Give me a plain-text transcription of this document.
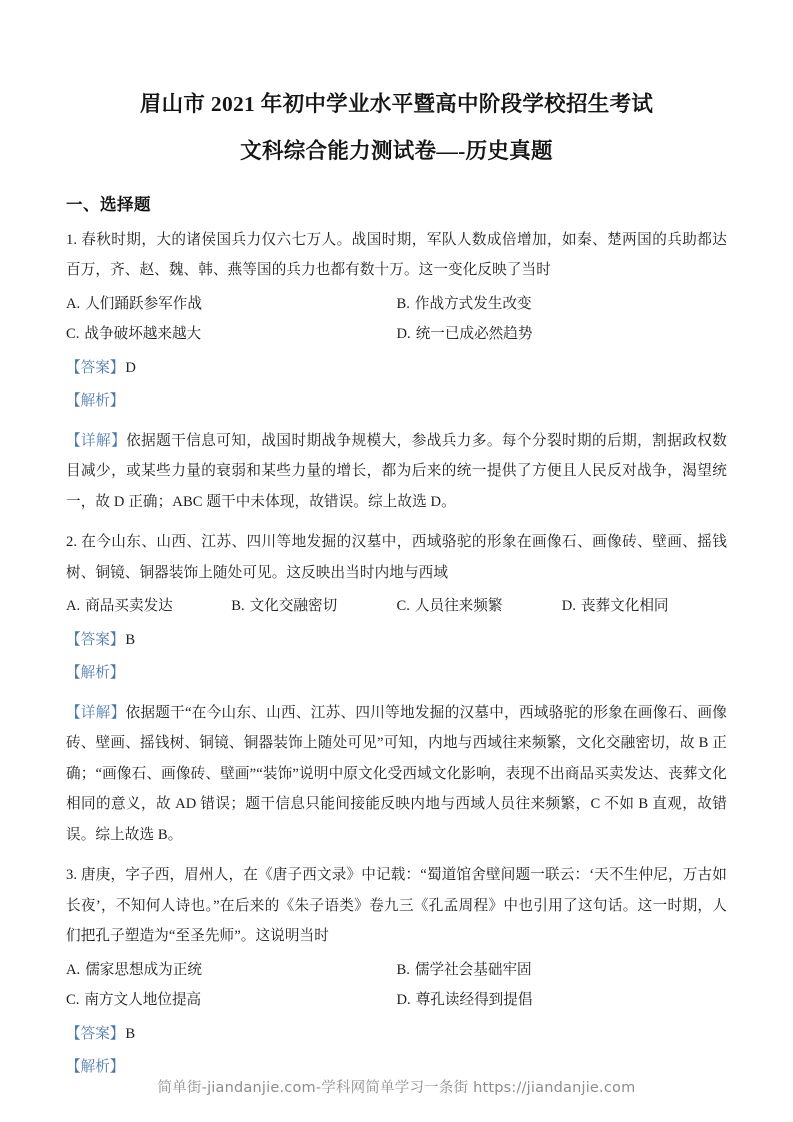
眉山市 2021 年初中学业水平暨高中阶段学校招生考试
文科综合能力测试卷—-历史真题
一、选择题
1. 春秋时期，大的诸侯国兵力仅六七万人。战国时期，军队人数成倍增加，如秦、楚两国的兵助都达百万，齐、赵、魏、韩、燕等国的兵力也都有数十万。这一变化反映了当时
A. 人们踊跃参军作战	B. 作战方式发生改变
C. 战争破坏越来越大	D. 统一已成必然趋势
【答案】D
【解析】
【详解】依据题干信息可知，战国时期战争规模大，参战兵力多。每个分裂时期的后期，割据政权数目减少，或某些力量的衰弱和某些力量的增长，都为后来的统一提供了方便且人民反对战争，渴望统一，故 D 正确；ABC 题干中未体现，故错误。综上故选 D。
2. 在今山东、山西、江苏、四川等地发掘的汉墓中，西域骆驼的形象在画像石、画像砖、壁画、摇钱树、铜镜、铜器装饰上随处可见。这反映出当时内地与西域
A. 商品买卖发达	B. 文化交融密切	C. 人员往来频繁	D. 丧葬文化相同
【答案】B
【解析】
【详解】依据题干“在今山东、山西、江苏、四川等地发掘的汉墓中，西域骆驼的形象在画像石、画像砖、壁画、摇钱树、铜镜、铜器装饰上随处可见”可知，内地与西域往来频繁，文化交融密切，故 B 正确；“画像石、画像砖、壁画”“装饰”说明中原文化受西域文化影响，表现不出商品买卖发达、丧葬文化相同的意义，故 AD 错误；题干信息只能间接能反映内地与西域人员往来频繁，C 不如 B 直观，故错误。综上故选 B。
3. 唐庚，字子西，眉州人，在《唐子西文录》中记载：“蜀道馆舍壁间题一联云：‘天不生仲尼，万古如长夜’，不知何人诗也。”在后来的《朱子语类》卷九三《孔孟周程》中也引用了这句话。这一时期，人们把孔子塑造为“至圣先师”。这说明当时
A. 儒家思想成为正统	B. 儒学社会基础牢固
C. 南方文人地位提高	D. 尊孔读经得到提倡
【答案】B
【解析】
简单街-jiandanjie.com-学科网简单学习一条街 https://jiandanjie.com
